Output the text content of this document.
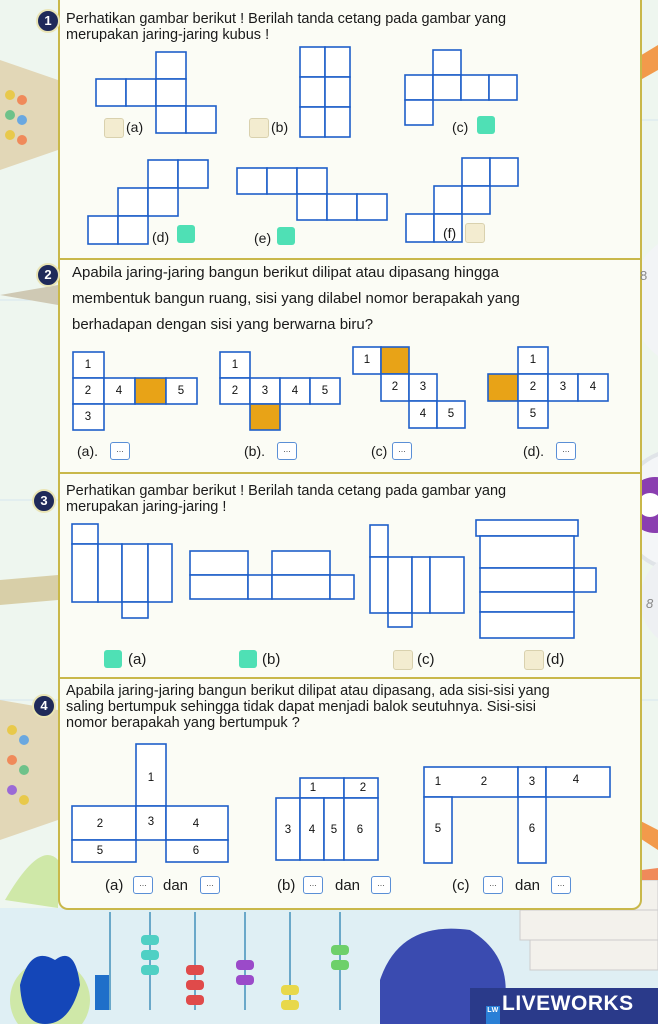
8
8
1 Perhatikan gambar berikut ! Berilah tanda cetang pada gambar yang
merupakan jaring-jaring kubus !
(a)	(b)	(c)
(d)	(e)	(f)
2	Apabila jaring-jaring bangun berikut dilipat atau dipasang hingga
membentuk bangun ruang, sisi yang dilabel nomor berapakah yang
berhadapan dengan sisi yang berwarna biru?
1
2 4	5
3
1
2 3 4 5
1
2 3
4 5
1
2 3 4
5
(a).	...	(b).	...	(c)	...	(d).	...
3
Perhatikan gambar berikut ! Berilah tanda cetang pada gambar yang
merupakan jaring-jaring !
(a)	(b)	(c)	(d)
4
Apabila jaring-jaring bangun berikut dilipat atau dipasang, ada sisi-sisi yang
saling bertumpuk sehingga tidak dapat menjadi balok seutuhnya. Sisi-sisi
nomor berapakah yang bertumpuk ?
1
2	3	4
5	6
1	2
3 4 5 6
1	2	3	4
5	6
(a)	...	dan	...	(b)	...	dan	...	(c)	...	dan	...
LW LIVEWORKS
